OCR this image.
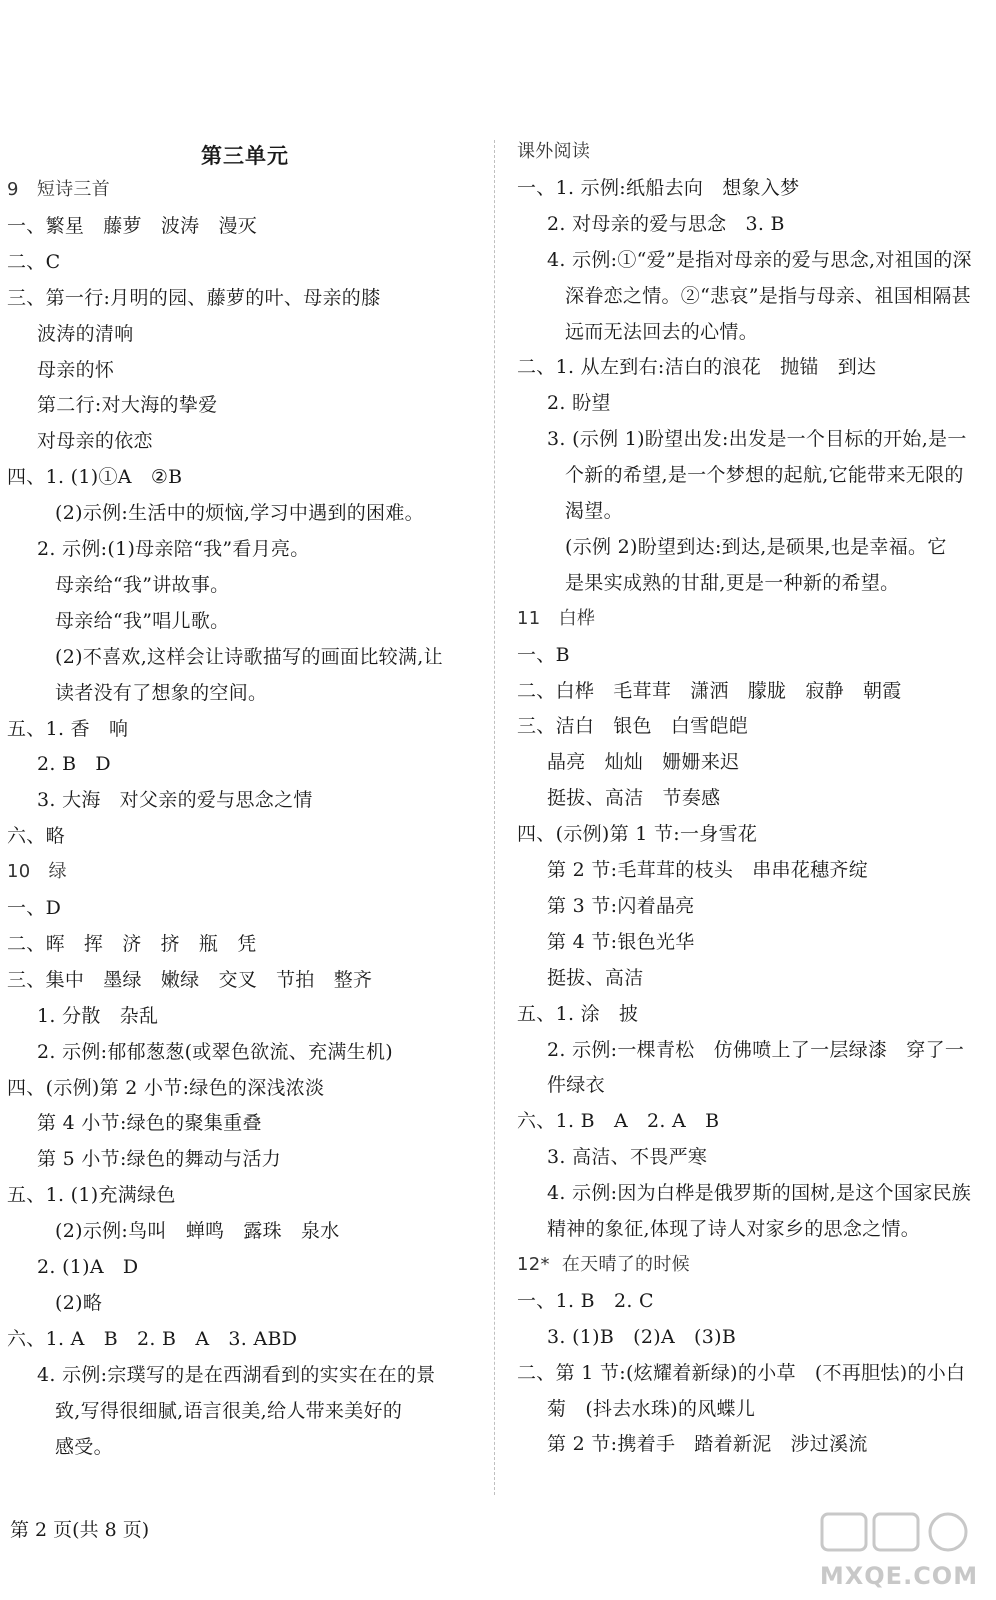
第三单元
9   短诗三首
一、繁星   藤萝   波涛   漫灭
二、C
三、第一行:月明的园、藤萝的叶、母亲的膝
波涛的清响
母亲的怀
第二行:对大海的挚爱
对母亲的依恋
四、1. (1)①A   ②B
(2)示例:生活中的烦恼,学习中遇到的困难。
2. 示例:(1)母亲陪“我”看月亮。
母亲给“我”讲故事。
母亲给“我”唱儿歌。
(2)不喜欢,这样会让诗歌描写的画面比较满,让
读者没有了想象的空间。
五、1. 香   响
2. B   D
3. 大海   对父亲的爱与思念之情
六、略
10   绿
一、D
二、晖   挥   济   挤   瓶   凭
三、集中   墨绿   嫩绿   交叉   节拍   整齐
1. 分散   杂乱
2. 示例:郁郁葱葱(或翠色欲流、充满生机)
四、(示例)第 2 小节:绿色的深浅浓淡
第 4 小节:绿色的聚集重叠
第 5 小节:绿色的舞动与活力
五、1. (1)充满绿色
(2)示例:鸟叫   蝉鸣   露珠   泉水
2. (1)A   D
(2)略
六、1. A   B   2. B   A   3. ABD
4. 示例:宗璞写的是在西湖看到的实实在在的景
致,写得很细腻,语言很美,给人带来美好的
感受。
课外阅读
一、1. 示例:纸船去向   想象入梦
2. 对母亲的爱与思念   3. B
4. 示例:①“爱”是指对母亲的爱与思念,对祖国的深
深眷恋之情。②“悲哀”是指与母亲、祖国相隔甚
远而无法回去的心情。
二、1. 从左到右:洁白的浪花   抛锚   到达
2. 盼望
3. (示例 1)盼望出发:出发是一个目标的开始,是一
个新的希望,是一个梦想的起航,它能带来无限的
渴望。
(示例 2)盼望到达:到达,是硕果,也是幸福。它
是果实成熟的甘甜,更是一种新的希望。
11   白桦
一、B
二、白桦   毛茸茸   潇洒   朦胧   寂静   朝霞
三、洁白   银色   白雪皑皑
晶亮   灿灿   姗姗来迟
挺拔、高洁   节奏感
四、(示例)第 1 节:一身雪花
第 2 节:毛茸茸的枝头   串串花穗齐绽
第 3 节:闪着晶亮
第 4 节:银色光华
挺拔、高洁
五、1. 涂   披
2. 示例:一棵青松   仿佛喷上了一层绿漆   穿了一
件绿衣
六、1. B   A   2. A   B
3. 高洁、不畏严寒
4. 示例:因为白桦是俄罗斯的国树,是这个国家民族
精神的象征,体现了诗人对家乡的思念之情。
12*  在天晴了的时候
一、1. B   2. C
3. (1)B   (2)A   (3)B
二、第 1 节:(炫耀着新绿)的小草   (不再胆怯)的小白
菊   (抖去水珠)的风蝶儿
第 2 节:携着手   踏着新泥   涉过溪流
第 2 页(共 8 页)
MXQE.COM
